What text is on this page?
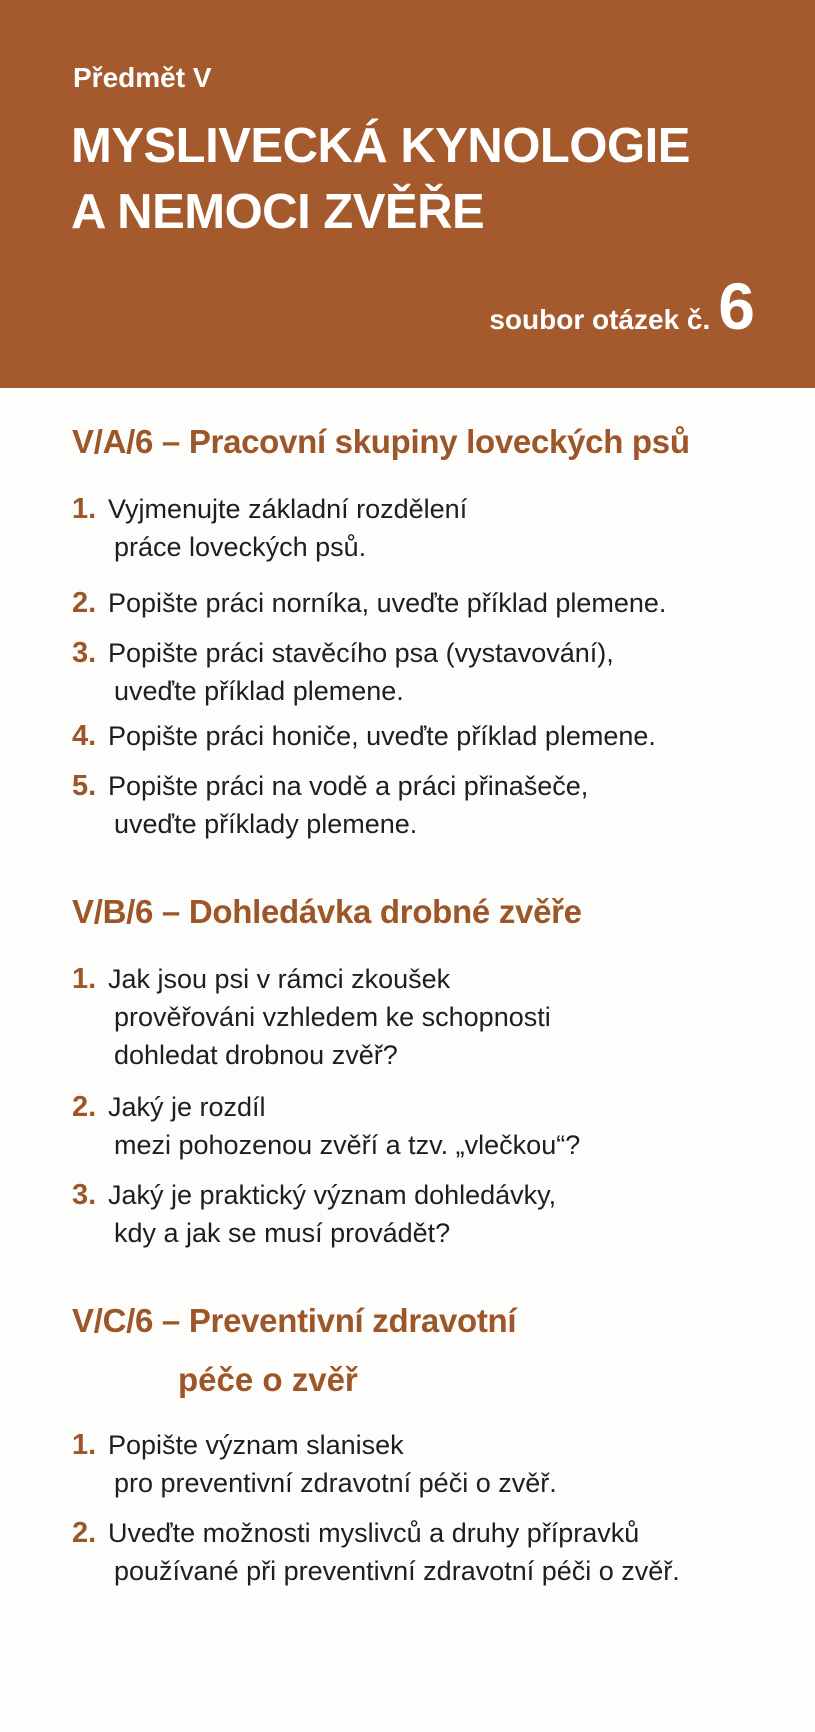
Předmět V
MYSLIVECKÁ KYNOLOGIE
A NEMOCI ZVĚŘE
soubor otázek č. 6
V/A/6 – Pracovní skupiny loveckých psů
1. Vyjmenujte základní rozdělení
práce loveckých psů.
2. Popište práci norníka, uveďte příklad plemene.
3. Popište práci stavěcího psa (vystavování),
uveďte příklad plemene.
4. Popište práci honiče, uveďte příklad plemene.
5. Popište práci na vodě a práci přinašeče,
uveďte příklady plemene.
V/B/6 – Dohledávka drobné zvěře
1. Jak jsou psi v rámci zkoušek
prověřováni vzhledem ke schopnosti
dohledat drobnou zvěř?
2. Jaký je rozdíl
mezi pohozenou zvěří a tzv. „vlečkou“?
3. Jaký je praktický význam dohledávky,
kdy a jak se musí provádět?
V/C/6 – Preventivní zdravotní
péče o zvěř
1. Popište význam slanisek
pro preventivní zdravotní péči o zvěř.
2. Uveďte možnosti myslivců a druhy přípravků
používané při preventivní zdravotní péči o zvěř.
